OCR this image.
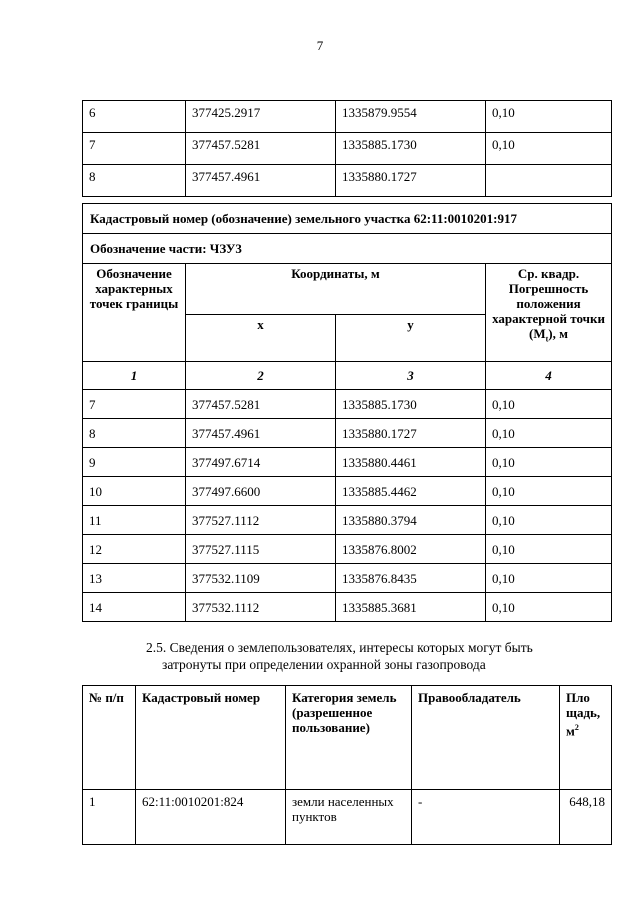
7
6	377425.2917	1335879.9554	0,10
7	377457.5281	1335885.1730	0,10
8	377457.4961	1335880.1727	
Кадастровый номер (обозначение) земельного участка 62:11:0010201:917			
Обозначение части: ЧЗУ3			
Обозначение характерных точек границы	Координаты, м		Ср. квадр. Погрешность положения характерной точки $(M_t)$, м
	x	y	
1	2	3	4
7	377457.5281	1335885.1730	0,10
8	377457.4961	1335880.1727	0,10
9	377497.6714	1335880.4461	0,10
10	377497.6600	1335885.4462	0,10
11	377527.1112	1335880.3794	0,10
12	377527.1115	1335876.8002	0,10
13	377532.1109	1335876.8435	0,10
14	377532.1112	1335885.3681	0,10
2.5. Сведения о землепользователях, интересы которых могут быть
затронуты при определении охранной зоны газопровода
№ п/п	Кадастровый номер	Категория земель (разрешенное пользование)	Правообладатель	Пло щадь, $м^2$
1	62:11:0010201:824	земли населенных пунктов	-	648,18
